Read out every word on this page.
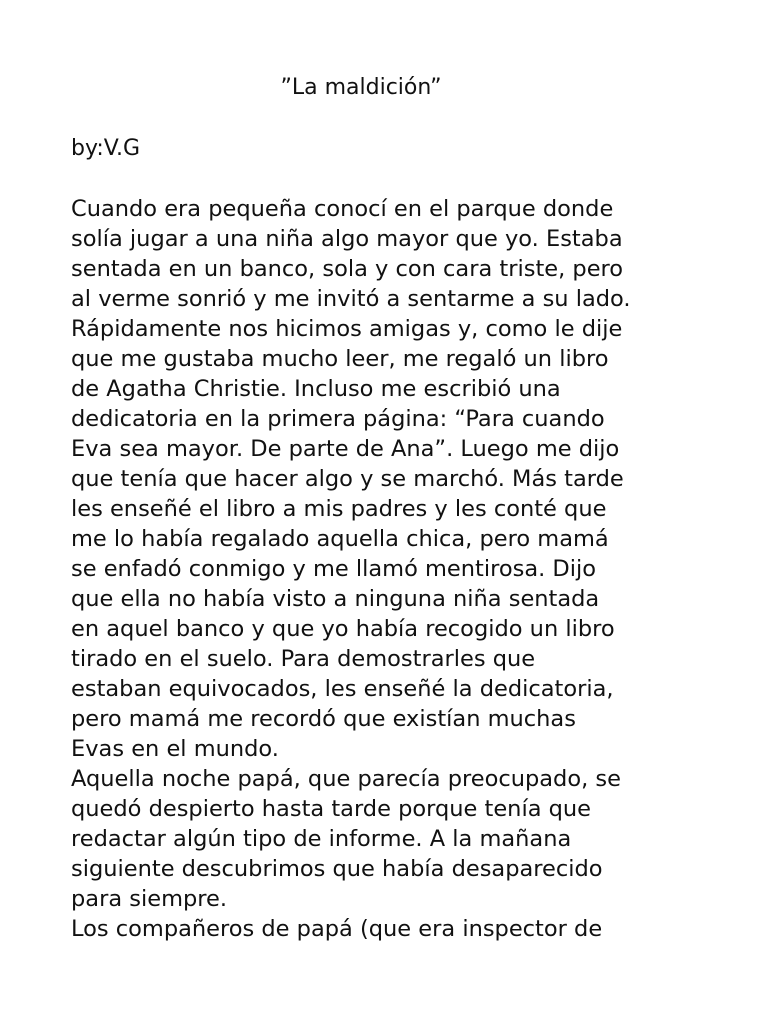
”La maldición”
by:V.G
Cuando era pequeña conocí en el parque donde
solía jugar a una niña algo mayor que yo. Estaba
sentada en un banco, sola y con cara triste, pero
al verme sonrió y me invitó a sentarme a su lado.
Rápidamente nos hicimos amigas y, como le dije
que me gustaba mucho leer, me regaló un libro
de Agatha Christie. Incluso me escribió una
dedicatoria en la primera página: “Para cuando
Eva sea mayor. De parte de Ana”. Luego me dijo
que tenía que hacer algo y se marchó. Más tarde
les enseñé el libro a mis padres y les conté que
me lo había regalado aquella chica, pero mamá
se enfadó conmigo y me llamó mentirosa. Dijo
que ella no había visto a ninguna niña sentada
en aquel banco y que yo había recogido un libro
tirado en el suelo. Para demostrarles que
estaban equivocados, les enseñé la dedicatoria,
pero mamá me recordó que existían muchas
Evas en el mundo.
Aquella noche papá, que parecía preocupado, se
quedó despierto hasta tarde porque tenía que
redactar algún tipo de informe. A la mañana
siguiente descubrimos que había desaparecido
para siempre.
Los compañeros de papá (que era inspector de
